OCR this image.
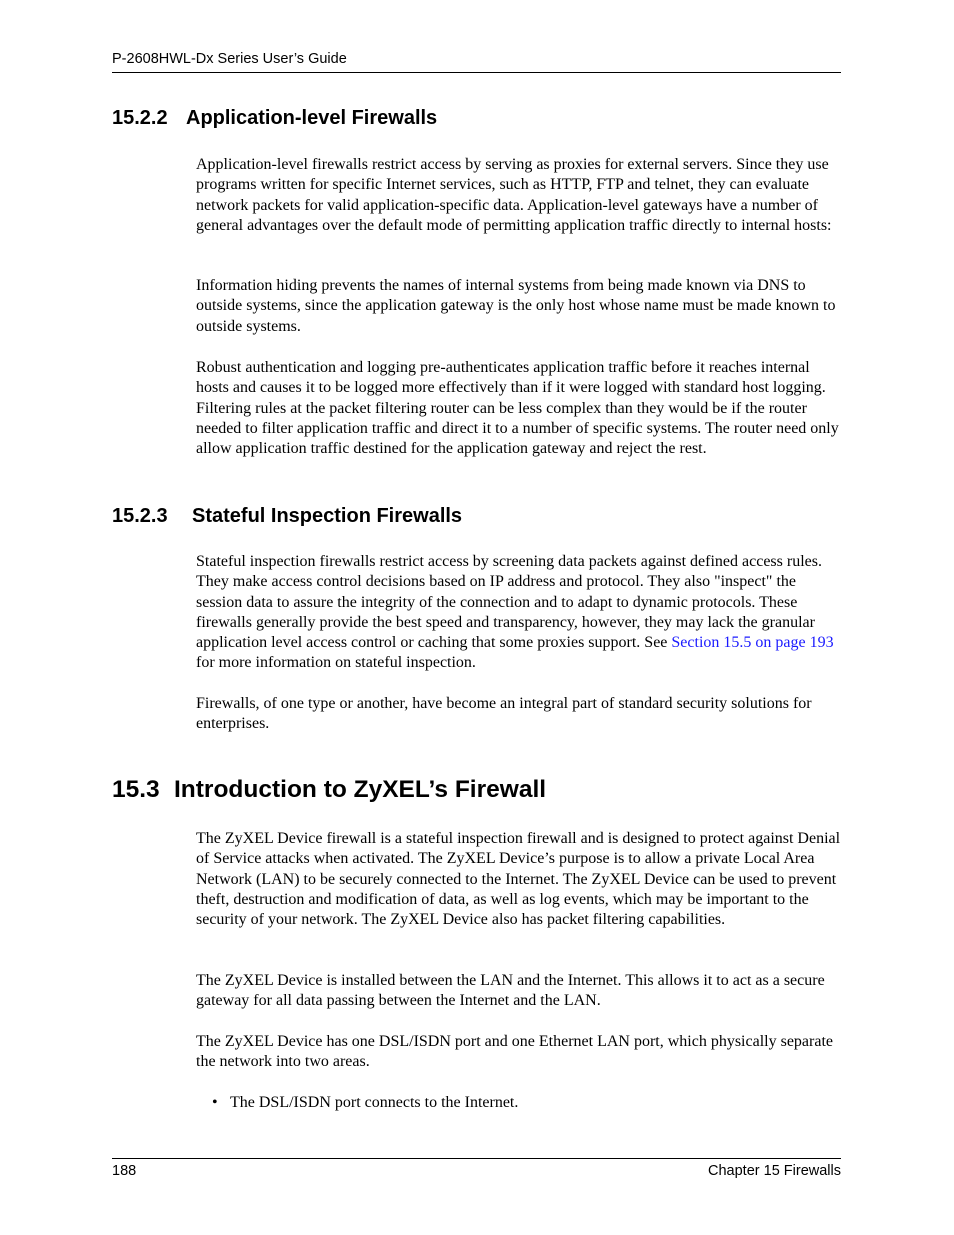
P-2608HWL-Dx Series User’s Guide
15.2.2 Application-level Firewalls

Application-level firewalls restrict access by serving as proxies for external servers. Since they use programs written for specific Internet services, such as HTTP, FTP and telnet, they can evaluate network packets for valid application-specific data. Application-level gateways have a number of general advantages over the default mode of permitting application traffic directly to internal hosts:

Information hiding prevents the names of internal systems from being made known via DNS to outside systems, since the application gateway is the only host whose name must be made known to outside systems.

Robust authentication and logging pre-authenticates application traffic before it reaches internal hosts and causes it to be logged more effectively than if it were logged with standard host logging. Filtering rules at the packet filtering router can be less complex than they would be if the router needed to filter application traffic and direct it to a number of specific systems. The router need only allow application traffic destined for the application gateway and reject the rest.

15.2.3 Stateful Inspection Firewalls

Stateful inspection firewalls restrict access by screening data packets against defined access rules. They make access control decisions based on IP address and protocol. They also "inspect" the session data to assure the integrity of the connection and to adapt to dynamic protocols. These firewalls generally provide the best speed and transparency, however, they may lack the granular application level access control or caching that some proxies support. See Section 15.5 on page 193 for more information on stateful inspection.

Firewalls, of one type or another, have become an integral part of standard security solutions for enterprises.

15.3 Introduction to ZyXEL’s Firewall

The ZyXEL Device firewall is a stateful inspection firewall and is designed to protect against Denial of Service attacks when activated. The ZyXEL Device’s purpose is to allow a private Local Area Network (LAN) to be securely connected to the Internet. The ZyXEL Device can be used to prevent theft, destruction and modification of data, as well as log events, which may be important to the security of your network. The ZyXEL Device also has packet filtering capabilities.

The ZyXEL Device is installed between the LAN and the Internet. This allows it to act as a secure gateway for all data passing between the Internet and the LAN.

The ZyXEL Device has one DSL/ISDN port and one Ethernet LAN port, which physically separate the network into two areas.

• The DSL/ISDN port connects to the Internet.
188	Chapter 15 Firewalls
